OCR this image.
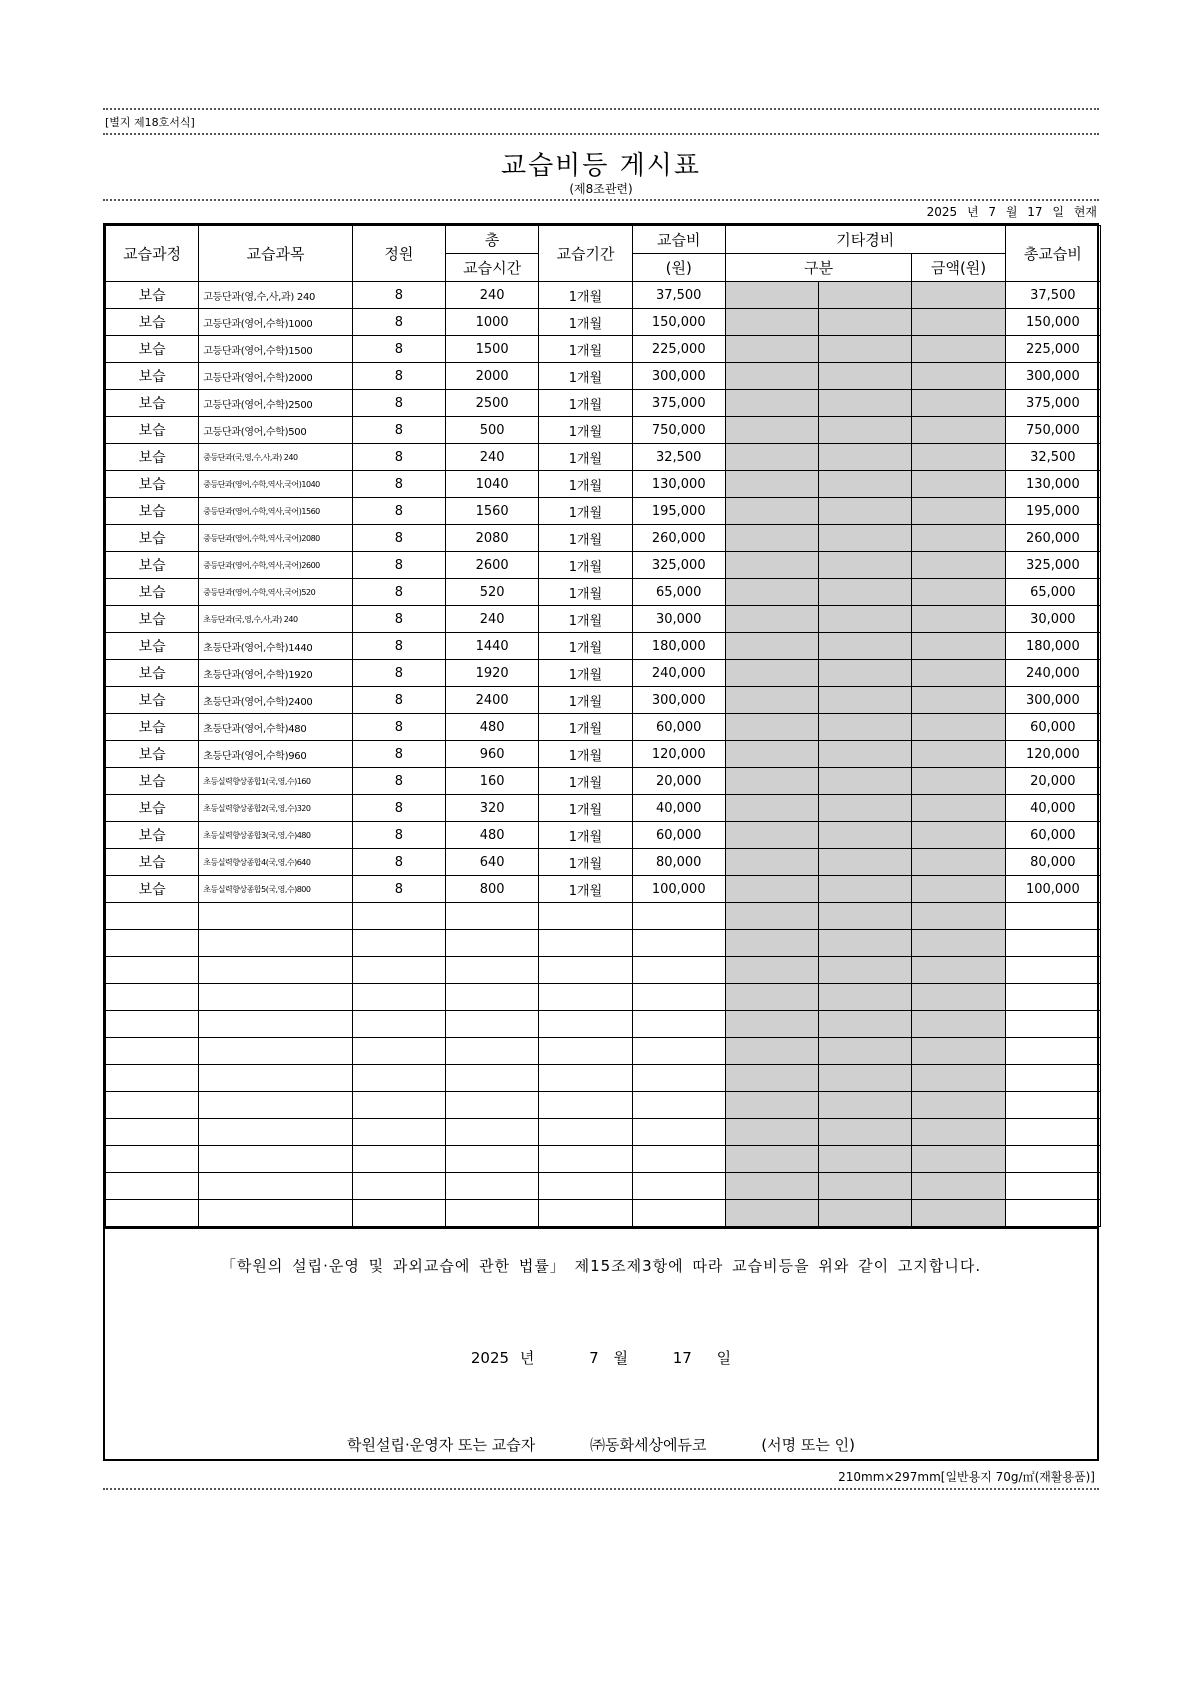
[별지 제18호서식]
교습비등 게시표
(제8조관련)
2025 년 7 월 17 일 현재
교습과정	교습과목	정원	총	교습기간	교습비	기타경비			총교습비
			교습시간		(원)	구분		금액(원)	
보습	고등단과(영,수,사,과) 240	8	240	1개월	37,500				37,500
보습	고등단과(영어,수학)1000	8	1000	1개월	150,000				150,000
보습	고등단과(영어,수학)1500	8	1500	1개월	225,000				225,000
보습	고등단과(영어,수학)2000	8	2000	1개월	300,000				300,000
보습	고등단과(영어,수학)2500	8	2500	1개월	375,000				375,000
보습	고등단과(영어,수학)500	8	500	1개월	750,000				750,000
보습	중등단과(국,영,수,사,과) 240	8	240	1개월	32,500				32,500
보습	중등단과(영어,수학,역사,국어)1040	8	1040	1개월	130,000				130,000
보습	중등단과(영어,수학,역사,국어)1560	8	1560	1개월	195,000				195,000
보습	중등단과(영어,수학,역사,국어)2080	8	2080	1개월	260,000				260,000
보습	중등단과(영어,수학,역사,국어)2600	8	2600	1개월	325,000				325,000
보습	중등단과(영어,수학,역사,국어)520	8	520	1개월	65,000				65,000
보습	초등단과(국,영,수,사,과) 240	8	240	1개월	30,000				30,000
보습	초등단과(영어,수학)1440	8	1440	1개월	180,000				180,000
보습	초등단과(영어,수학)1920	8	1920	1개월	240,000				240,000
보습	초등단과(영어,수학)2400	8	2400	1개월	300,000				300,000
보습	초등단과(영어,수학)480	8	480	1개월	60,000				60,000
보습	초등단과(영어,수학)960	8	960	1개월	120,000				120,000
보습	초등실력향상종합1(국,영,수)160	8	160	1개월	20,000				20,000
보습	초등실력향상종합2(국,영,수)320	8	320	1개월	40,000				40,000
보습	초등실력향상종합3(국,영,수)480	8	480	1개월	60,000				60,000
보습	초등실력향상종합4(국,영,수)640	8	640	1개월	80,000				80,000
보습	초등실력향상종합5(국,영,수)800	8	800	1개월	100,000				100,000

「학원의 설립·운영 및 과외교습에 관한 법률」 제15조제3항에 따라 교습비등을 위와 같이 고지합니다.
2025 년	7 월	17 일
학원설립·운영자 또는 교습자	㈜동화세상에듀코	(서명 또는 인)
210mm×297mm[일반용지 70g/㎡(재활용품)]
